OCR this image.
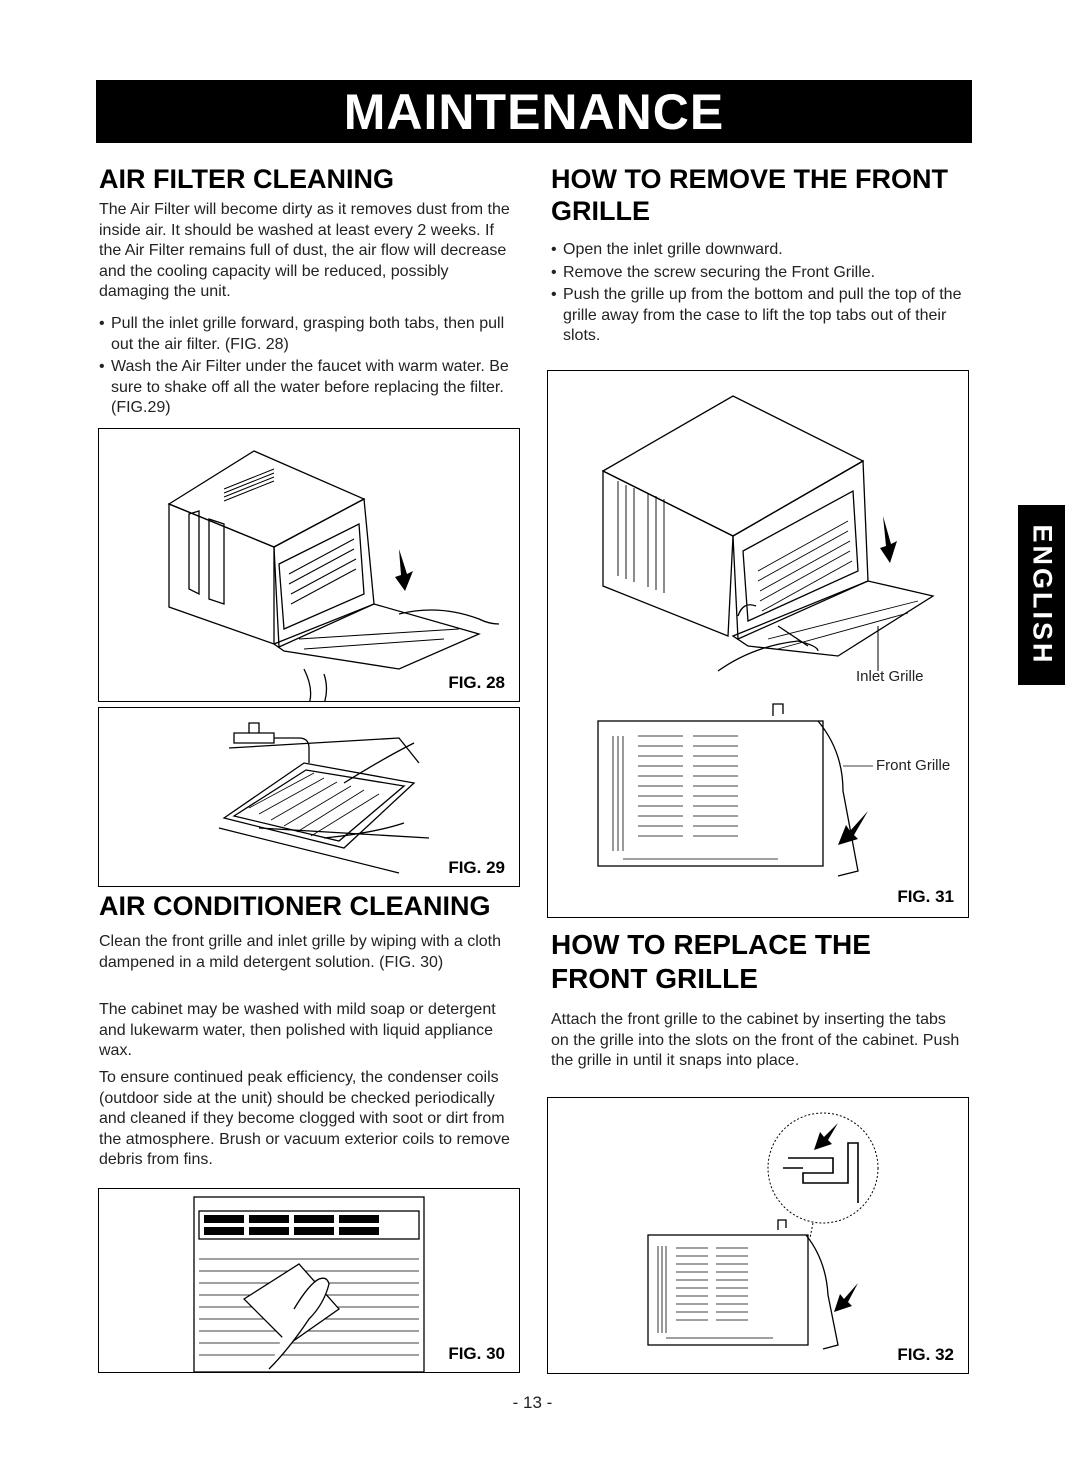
MAINTENANCE
ENGLISH
AIR FILTER CLEANING

The Air Filter will become dirty as it removes dust from the inside air. It should be washed at least every 2 weeks. If the Air Filter remains full of dust, the air flow will decrease and the cooling capacity will be reduced, possibly damaging the unit.

• Pull the inlet grille forward, grasping both tabs, then pull out the air filter. (FIG. 28)
• Wash the Air Filter under the faucet with warm water. Be sure to shake off all the water before replacing the filter. (FIG.29)
FIG. 28
FIG. 29
AIR CONDITIONER CLEANING

Clean the front grille and inlet grille by wiping with a cloth dampened in a mild detergent solution. (FIG. 30)

The cabinet may be washed with mild soap or detergent and lukewarm water, then polished with liquid appliance wax.

To ensure continued peak efficiency, the condenser coils (outdoor side at the unit) should be checked periodically and cleaned if they become clogged with soot or dirt from the atmosphere. Brush or vacuum exterior coils to remove debris from fins.

FIG. 30
HOW TO REMOVE THE FRONT
GRILLE
• Open the inlet grille downward.
• Remove the screw securing the Front Grille.
• Push the grille up from the bottom and pull the top of the grille away from the case to lift the top tabs out of their slots.
Inlet Grille
Front Grille
FIG. 31
HOW TO REPLACE THE
FRONT GRILLE

Attach the front grille to the cabinet by inserting the tabs on the grille into the slots on the front of the cabinet. Push the grille in until it snaps into place.

FIG. 32
- 13 -
